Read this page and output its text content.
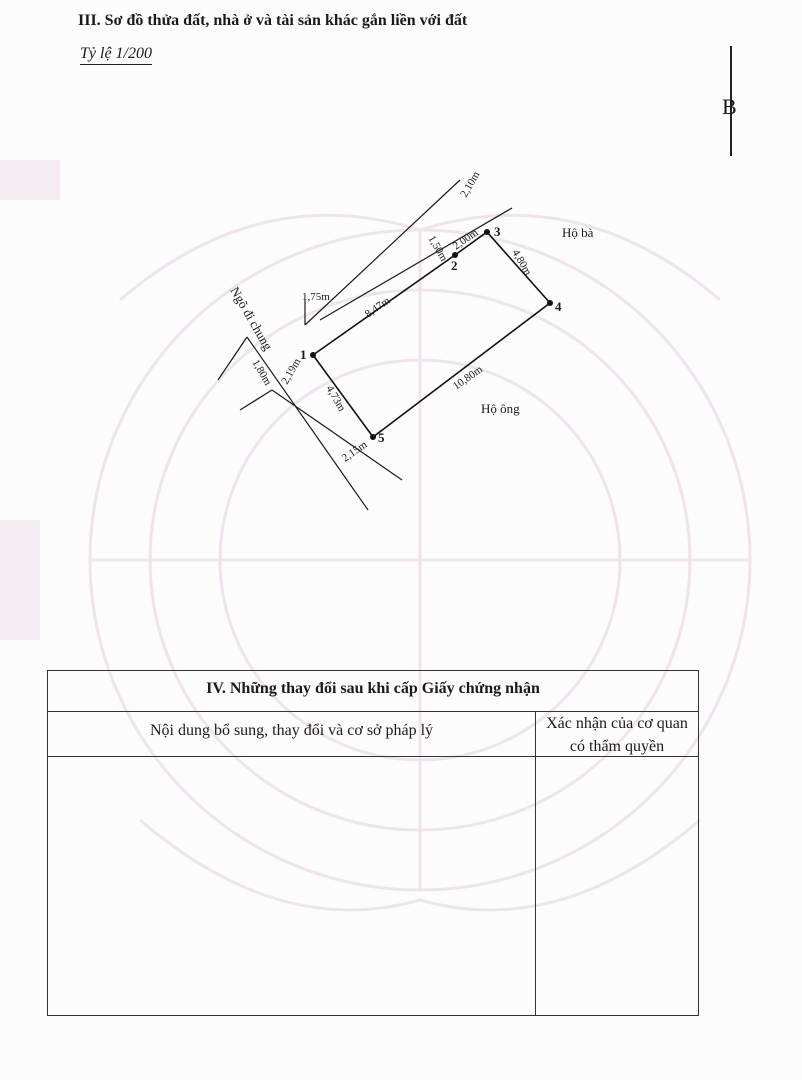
III. Sơ đồ thửa đất, nhà ở và tài sản khác gắn liền với đất
Tỷ lệ 1/200
B
1
2
3
4
5
8,47m
2,00m
4,80m
10,80m
4,73m
1,50m
2,10m
1,75m
2,19m
1,80m
2,15m
Ngõ đi chung
Hộ bà
Hộ ông
IV. Những thay đổi sau khi cấp Giấy chứng nhận
Nội dung bổ sung, thay đổi và cơ sở pháp lý	Xác nhận của cơ quan
có thẩm quyền
